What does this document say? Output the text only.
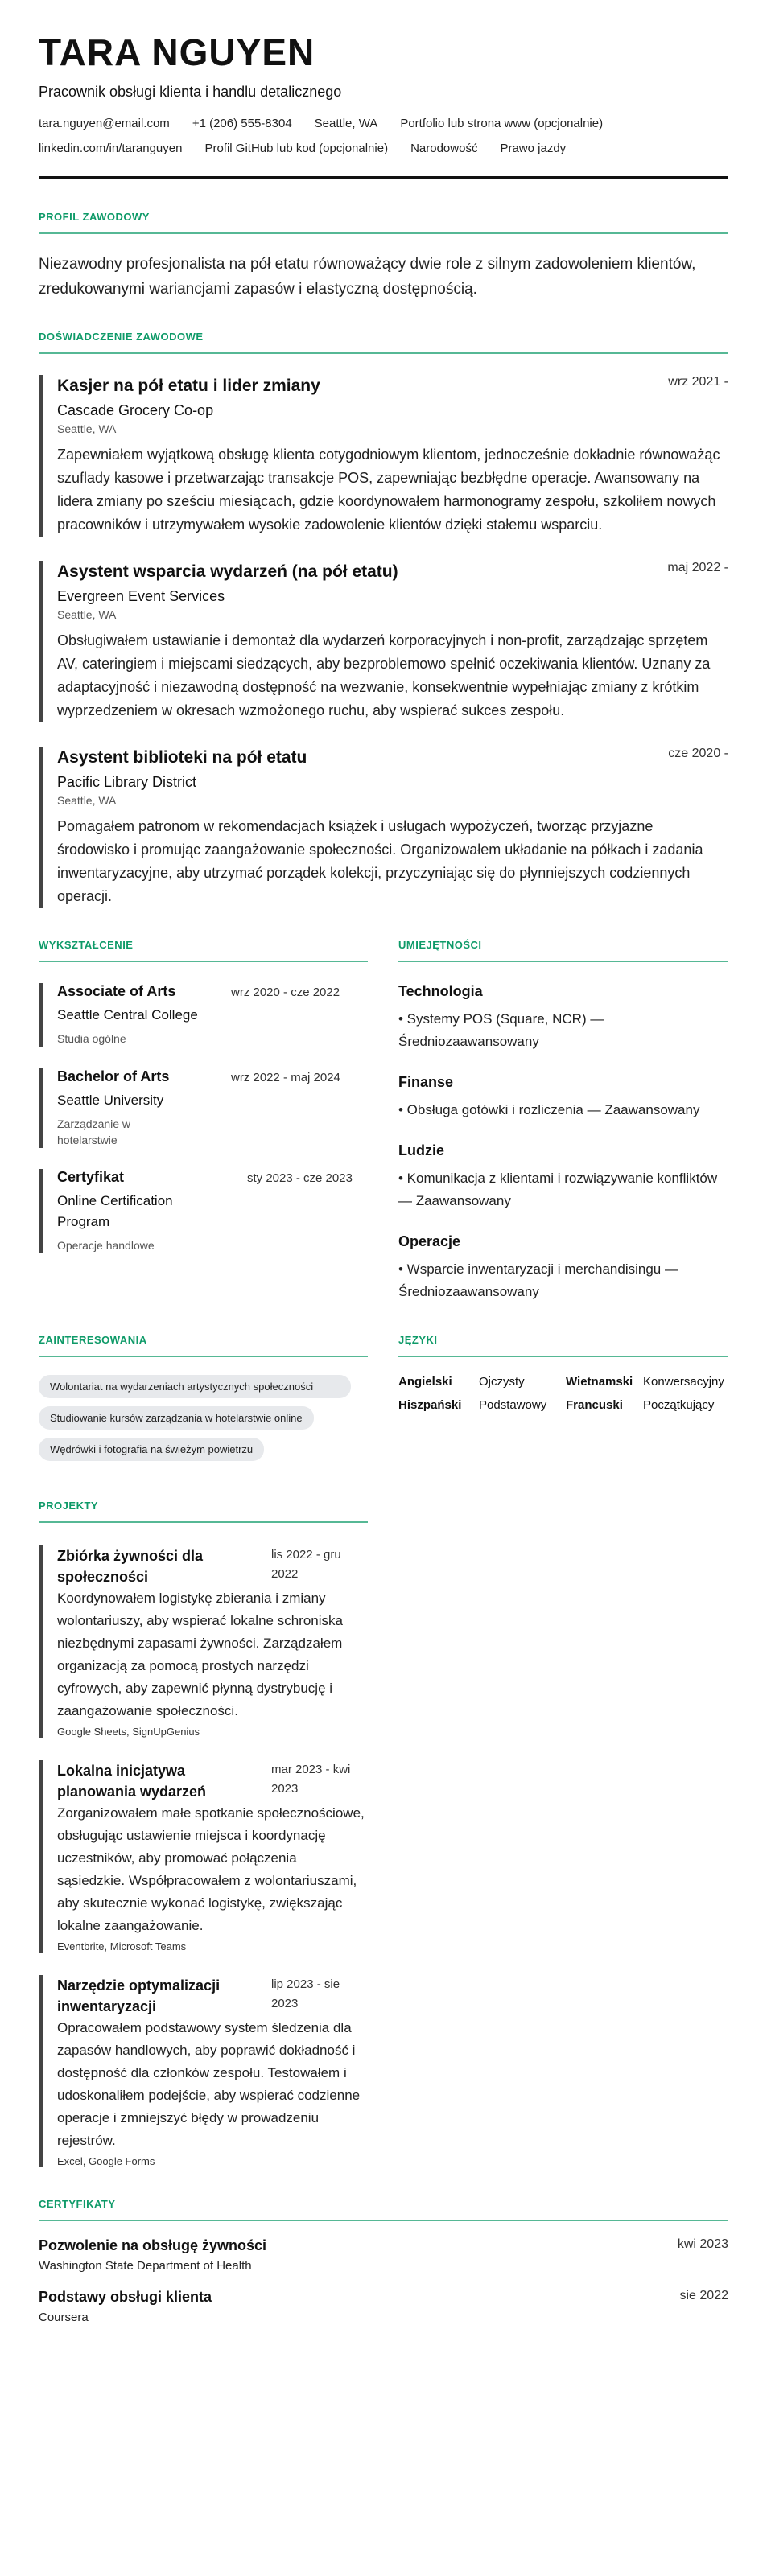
TARA NGUYEN
Pracownik obsługi klienta i handlu detalicznego
tara.nguyen@email.com +1 (206) 555-8304 Seattle, WA Portfolio lub strona www (opcjonalnie)
linkedin.com/in/taranguyen Profil GitHub lub kod (opcjonalnie) Narodowość Prawo jazdy
PROFIL ZAWODOWY
Niezawodny profesjonalista na pół etatu równoważący dwie role z silnym zadowoleniem klientów, zredukowanymi wariancjami zapasów i elastyczną dostępnością.
DOŚWIADCZENIE ZAWODOWE
Kasjer na pół etatu i lider zmiany	wrz 2021 -
Cascade Grocery Co-op
Seattle, WA
Zapewniałem wyjątkową obsługę klienta cotygodniowym klientom, jednocześnie dokładnie równoważąc szuflady kasowe i przetwarzając transakcje POS, zapewniając bezbłędne operacje. Awansowany na lidera zmiany po sześciu miesiącach, gdzie koordynowałem harmonogramy zespołu, szkoliłem nowych pracowników i utrzymywałem wysokie zadowolenie klientów dzięki stałemu wsparciu.
Asystent wsparcia wydarzeń (na pół etatu)	maj 2022 -
Evergreen Event Services
Seattle, WA
Obsługiwałem ustawianie i demontaż dla wydarzeń korporacyjnych i non-profit, zarządzając sprzętem AV, cateringiem i miejscami siedzących, aby bezproblemowo spełnić oczekiwania klientów. Uznany za adaptacyjność i niezawodną dostępność na wezwanie, konsekwentnie wypełniając zmiany z krótkim wyprzedzeniem w okresach wzmożonego ruchu, aby wspierać sukces zespołu.
Asystent biblioteki na pół etatu	cze 2020 -
Pacific Library District
Seattle, WA
Pomagałem patronom w rekomendacjach książek i usługach wypożyczeń, tworząc przyjazne środowisko i promując zaangażowanie społeczności. Organizowałem układanie na półkach i zadania inwentaryzacyjne, aby utrzymać porządek kolekcji, przyczyniając się do płynniejszych codziennych operacji.
WYKSZTAŁCENIE
Associate of Arts	wrz 2020 - cze 2022
Seattle Central College
Studia ogólne
Bachelor of Arts	wrz 2022 - maj 2024
Seattle University
Zarządzanie w hotelarstwie
Certyfikat	sty 2023 - cze 2023
Online Certification Program
Operacje handlowe
UMIEJĘTNOŚCI
Technologia
• Systemy POS (Square, NCR) — Średniozaawansowany
Finanse
• Obsługa gotówki i rozliczenia — Zaawansowany
Ludzie
• Komunikacja z klientami i rozwiązywanie konfliktów — Zaawansowany
Operacje
• Wsparcie inwentaryzacji i merchandisingu — Średniozaawansowany
ZAINTERESOWANIA
Wolontariat na wydarzeniach artystycznych społeczności Studiowanie kursów zarządzania w hotelarstwie online Wędrówki i fotografia na świeżym powietrzu
JĘZYKI
Angielski	Ojczysty	Wietnamski Konwersacyjny
Hiszpański	Podstawowy	Francuski	Początkujący
PROJEKTY
Zbiórka żywności dla społeczności
lis 2022 - gru 2022
Koordynowałem logistykę zbierania i zmiany wolontariuszy, aby wspierać lokalne schroniska niezbędnymi zapasami żywności. Zarządzałem organizacją za pomocą prostych narzędzi cyfrowych, aby zapewnić płynną dystrybucję i zaangażowanie społeczności.
Google Sheets, SignUpGenius
Lokalna inicjatywa planowania wydarzeń
mar 2023 - kwi 2023
Zorganizowałem małe spotkanie społecznościowe, obsługując ustawienie miejsca i koordynację uczestników, aby promować połączenia sąsiedzkie. Współpracowałem z wolontariuszami, aby skutecznie wykonać logistykę, zwiększając lokalne zaangażowanie.
Eventbrite, Microsoft Teams
Narzędzie optymalizacji inwentaryzacji
lip 2023 - sie 2023
Opracowałem podstawowy system śledzenia dla zapasów handlowych, aby poprawić dokładność i dostępność dla członków zespołu. Testowałem i udoskonaliłem podejście, aby wspierać codzienne operacje i zmniejszyć błędy w prowadzeniu rejestrów.
Excel, Google Forms
CERTYFIKATY
Pozwolenie na obsługę żywności
Washington State Department of Health
kwi 2023
Podstawy obsługi klienta
Coursera
sie 2022
